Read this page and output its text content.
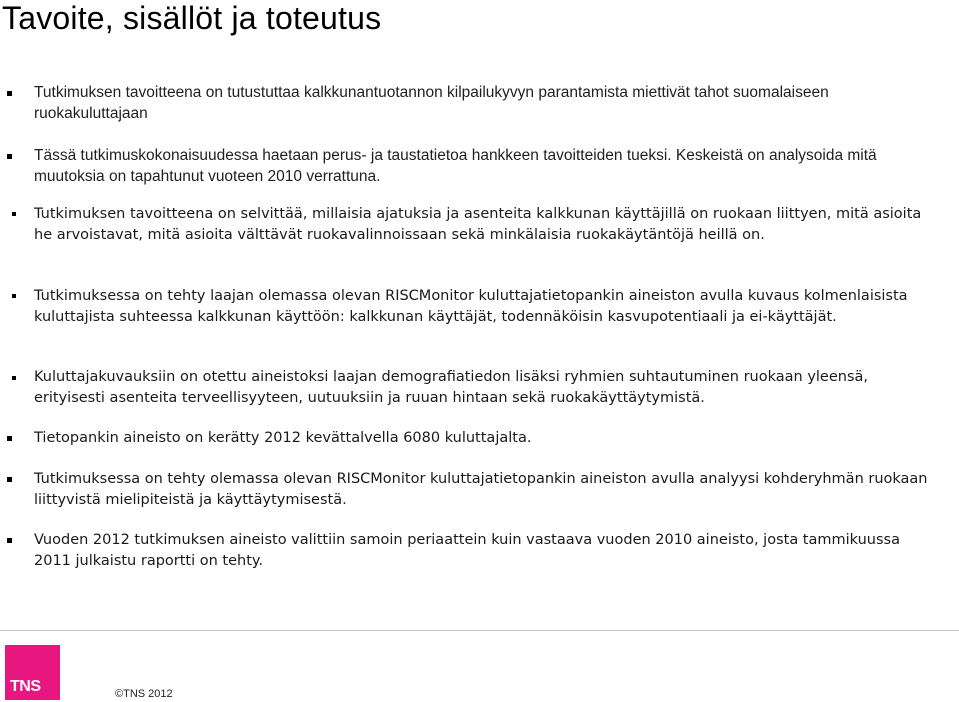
Tavoite, sisällöt ja toteutus

Tutkimuksen tavoitteena on tutustuttaa kalkkunantuotannon kilpailukyvyn parantamista miettivät tahot suomalaiseen ruokakuluttajaan

Tässä tutkimuskokonaisuudessa haetaan perus- ja taustatietoa hankkeen tavoitteiden tueksi. Keskeistä on analysoida mitä muutoksia on tapahtunut vuoteen 2010 verrattuna.

Tutkimuksen tavoitteena on selvittää, millaisia ajatuksia ja asenteita kalkkunan käyttäjillä on ruokaan liittyen, mitä asioita he arvoistavat, mitä asioita välttävät ruokavalinnoissaan sekä minkälaisia ruokakäytäntöjä heillä on.

Tutkimuksessa on tehty laajan olemassa olevan RISCMonitor kuluttajatietopankin aineiston avulla kuvaus kolmenlaisista kuluttajista suhteessa kalkkunan käyttöön: kalkkunan käyttäjät, todennäköisin kasvupotentiaali ja ei-käyttäjät.

Kuluttajakuvauksiin on otettu aineistoksi laajan demografiatiedon lisäksi ryhmien suhtautuminen ruokaan yleensä, erityisesti asenteita terveellisyyteen, uutuuksiin ja ruuan hintaan sekä ruokakäyttäytymistä.

Tietopankin aineisto on kerätty 2012 kevättalvella 6080 kuluttajalta.

Tutkimuksessa on tehty olemassa olevan RISCMonitor kuluttajatietopankin aineiston avulla analyysi kohderyhmän ruokaan liittyvistä mielipiteistä ja käyttäytymisestä.

Vuoden 2012 tutkimuksen aineisto valittiin samoin periaattein kuin vastaava vuoden 2010 aineisto, josta tammikuussa 2011 julkaistu raportti on tehty.

TNS	©TNS 2012
